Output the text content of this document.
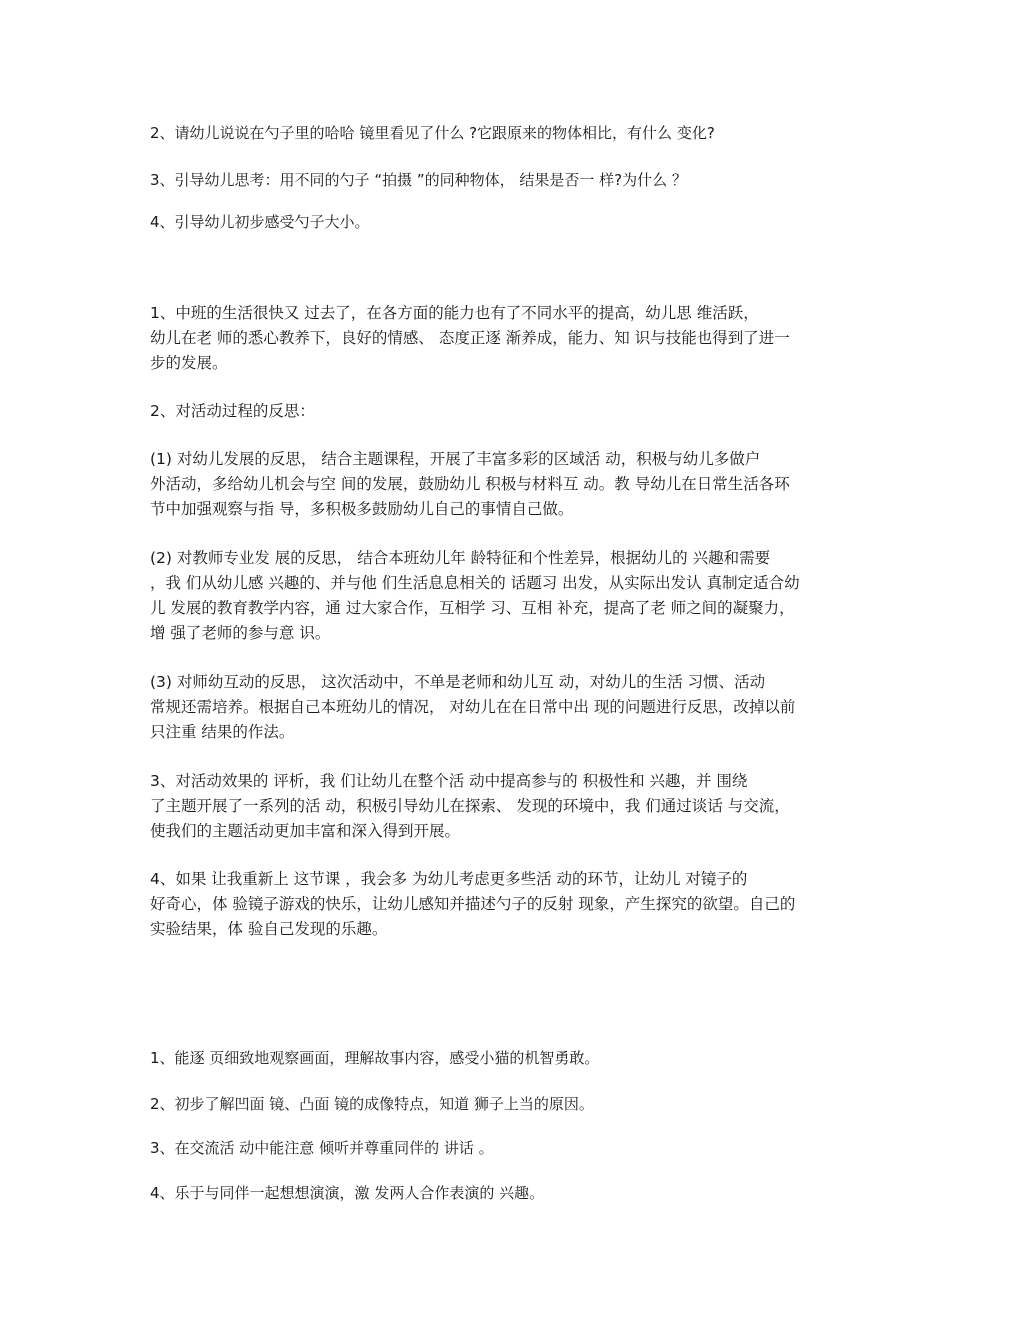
2、请幼儿说说在勺子里的哈哈 镜里看见了什么 ?它跟原来的物体相比，有什么 变化?
3、引导幼儿思考：用不同的勺子 “拍摄 ”的同种物体， 结果是否一 样?为什么 ？
4、引导幼儿初步感受勺子大小。
1、中班的生活很快又 过去了，在各方面的能力也有了不同水平的提高，幼儿思 维活跃，
幼儿在老 师的悉心教养下，良好的情感、 态度正逐 渐养成，能力、知 识与技能也得到了进一
步的发展。
2、对活动过程的反思：
(1) 对幼儿发展的反思， 结合主题课程，开展了丰富多彩的区域活 动，积极与幼儿多做户
外活动，多给幼儿机会与空 间的发展，鼓励幼儿 积极与材料互 动。教 导幼儿在日常生活各环
节中加强观察与指 导，多积极多鼓励幼儿自己的事情自己做。
(2) 对教师专业发 展的反思， 结合本班幼儿年 龄特征和个性差异，根据幼儿的 兴趣和需要
，我 们从幼儿感 兴趣的、并与他 们生活息息相关的 话题习 出发，从实际出发认 真制定适合幼
儿 发展的教育教学内容，通 过大家合作，互相学 习、互相 补充，提高了老 师之间的凝聚力，
增 强了老师的参与意 识。
(3) 对师幼互动的反思， 这次活动中，不单是老师和幼儿互 动，对幼儿的生活 习惯、活动
常规还需培养。根据自己本班幼儿的情况， 对幼儿在在日常中出 现的问题进行反思，改掉以前
只注重 结果的作法。
3、对活动效果的 评析，我 们让幼儿在整个活 动中提高参与的 积极性和 兴趣，并 围绕
了主题开展了一系列的活 动，积极引导幼儿在探索、 发现的环境中，我 们通过谈话 与交流，
使我们的主题活动更加丰富和深入得到开展。
4、如果 让我重新上 这节课 ，我会多 为幼儿考虑更多些活 动的环节，让幼儿 对镜子的
好奇心，体 验镜子游戏的快乐，让幼儿感知并描述勺子的反射 现象，产生探究的欲望。自己的
实验结果，体 验自己发现的乐趣。
1、能逐 页细致地观察画面，理解故事内容，感受小猫的机智勇敢。
2、初步了解凹面 镜、凸面 镜的成像特点，知道 狮子上当的原因。
3、在交流活 动中能注意 倾听并尊重同伴的 讲话 。
4、乐于与同伴一起想想演演，激 发两人合作表演的 兴趣。
